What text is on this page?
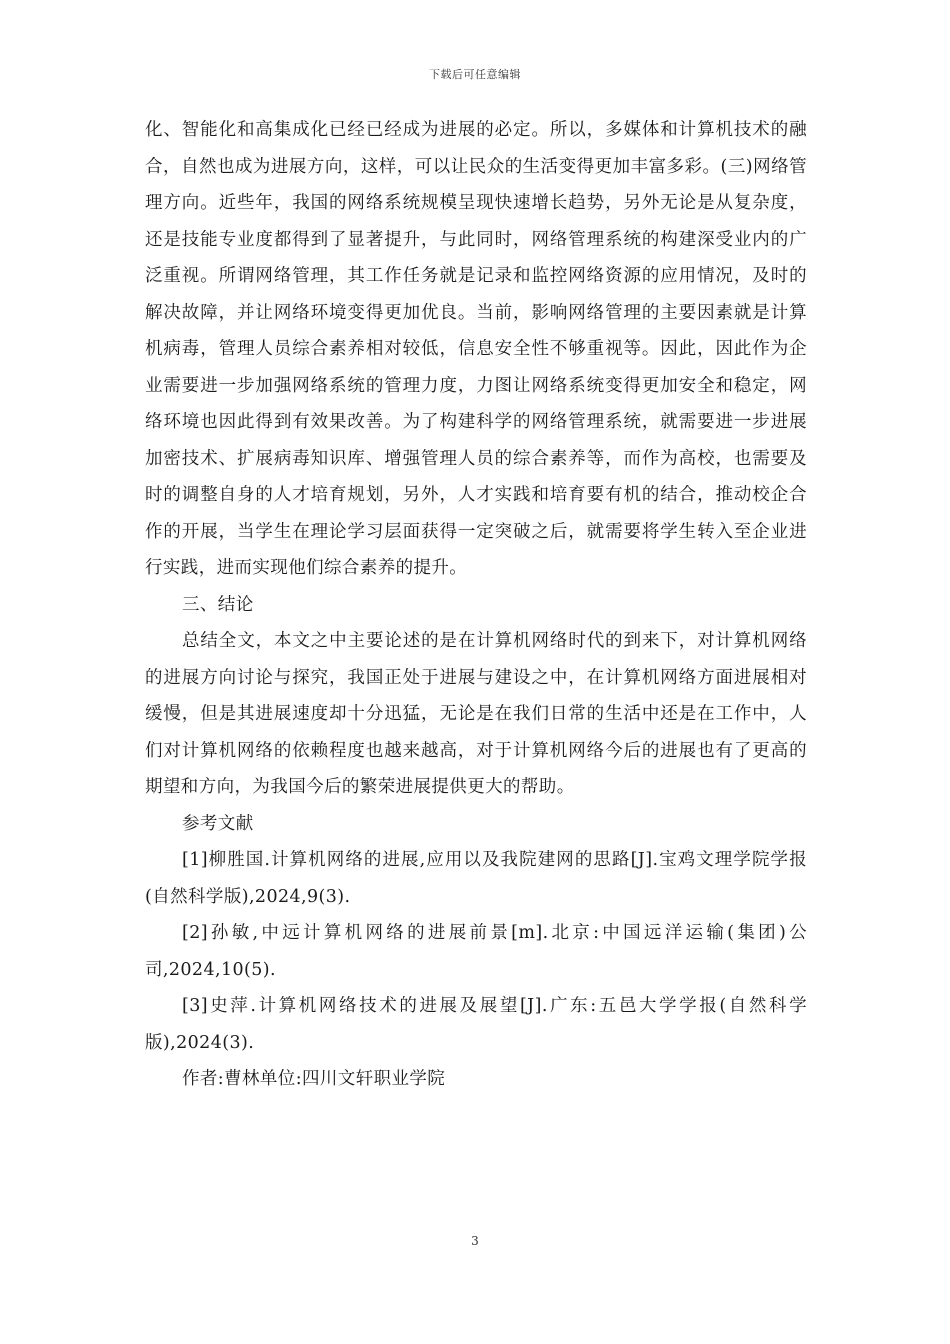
下载后可任意编辑

化、智能化和高集成化已经已经成为进展的必定。所以，多媒体和计算机技术的融合，自然也成为进展方向，这样，可以让民众的生活变得更加丰富多彩。(三)网络管理方向。近些年，我国的网络系统规模呈现快速增长趋势，另外无论是从复杂度，还是技能专业度都得到了显著提升，与此同时，网络管理系统的构建深受业内的广泛重视。所谓网络管理，其工作任务就是记录和监控网络资源的应用情况，及时的解决故障，并让网络环境变得更加优良。当前，影响网络管理的主要因素就是计算机病毒，管理人员综合素养相对较低，信息安全性不够重视等。因此，因此作为企业需要进一步加强网络系统的管理力度，力图让网络系统变得更加安全和稳定，网络环境也因此得到有效果改善。为了构建科学的网络管理系统，就需要进一步进展加密技术、扩展病毒知识库、增强管理人员的综合素养等，而作为高校，也需要及时的调整自身的人才培育规划，另外，人才实践和培育要有机的结合，推动校企合作的开展，当学生在理论学习层面获得一定突破之后，就需要将学生转入至企业进行实践，进而实现他们综合素养的提升。

三、结论

总结全文，本文之中主要论述的是在计算机网络时代的到来下，对计算机网络的进展方向讨论与探究，我国正处于进展与建设之中，在计算机网络方面进展相对缓慢，但是其进展速度却十分迅猛，无论是在我们日常的生活中还是在工作中，人们对计算机网络的依赖程度也越来越高，对于计算机网络今后的进展也有了更高的期望和方向，为我国今后的繁荣进展提供更大的帮助。

参考文献

[1]柳胜国.计算机网络的进展,应用以及我院建网的思路[J].宝鸡文理学院学报(自然科学版),2024,9(3).

[2]孙敏,中远计算机网络的进展前景[m].北京:中国远洋运输(集团)公司,2024,10(5).

[3]史萍.计算机网络技术的进展及展望[J].广东:五邑大学学报(自然科学版),2024(3).

作者:曹林单位:四川文轩职业学院

3
